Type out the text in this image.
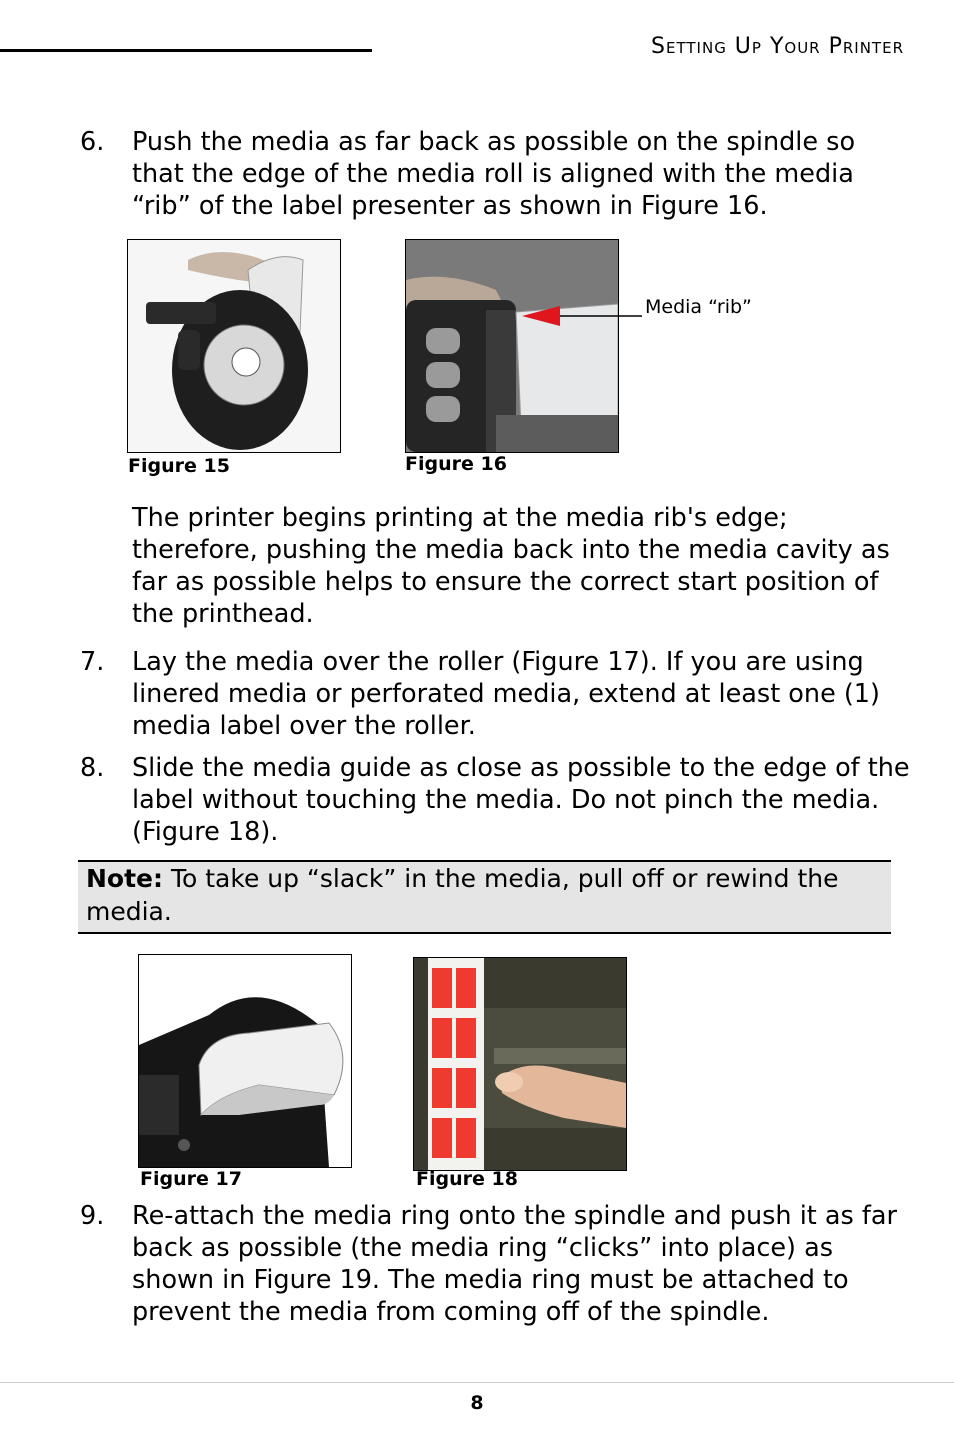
Setting Up Your Printer
6. Push the media as far back as possible on the spindle so that the edge of the media roll is aligned with the media “rib” of the label presenter as shown in Figure 16.
Figure 15	Figure 16
Media “rib”
The printer begins printing at the media rib's edge; therefore, pushing the media back into the media cavity as far as possible helps to ensure the correct start position of the printhead.
7. Lay the media over the roller (Figure 17). If you are using linered media or perforated media, extend at least one (1) media label over the roller.
8. Slide the media guide as close as possible to the edge of the label without touching the media. Do not pinch the media. (Figure 18).
Note: To take up “slack” in the media, pull off or rewind the media.
Figure 17	Figure 18
9. Re-attach the media ring onto the spindle and push it as far back as possible (the media ring “clicks” into place) as shown in Figure 19. The media ring must be attached to prevent the media from coming off of the spindle.
8
